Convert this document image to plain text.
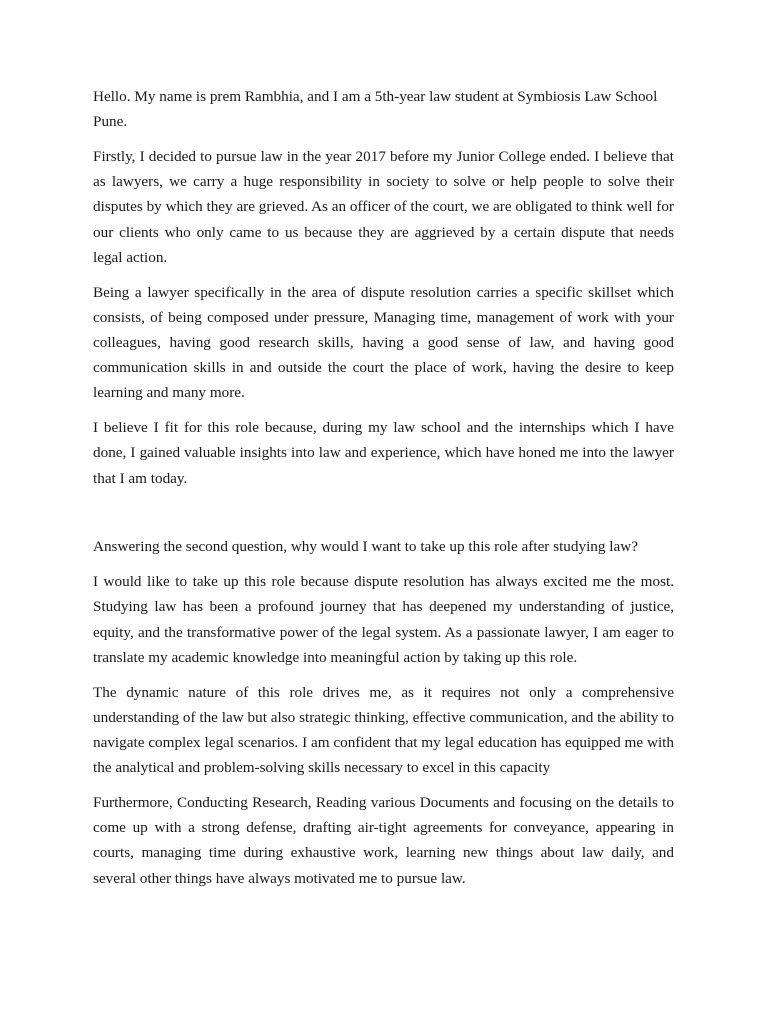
Hello. My name is prem Rambhia, and I am a 5th-year law student at Symbiosis Law School Pune.

Firstly, I decided to pursue law in the year 2017 before my Junior College ended. I believe that as lawyers, we carry a huge responsibility in society to solve or help people to solve their disputes by which they are grieved. As an officer of the court, we are obligated to think well for our clients who only came to us because they are aggrieved by a certain dispute that needs legal action.

Being a lawyer specifically in the area of dispute resolution carries a specific skillset which consists, of being composed under pressure, Managing time, management of work with your colleagues, having good research skills, having a good sense of law, and having good communication skills in and outside the court the place of work, having the desire to keep learning and many more.

I believe I fit for this role because, during my law school and the internships which I have done, I gained valuable insights into law and experience, which have honed me into the lawyer that I am today.

Answering the second question, why would I want to take up this role after studying law?

I would like to take up this role because dispute resolution has always excited me the most. Studying law has been a profound journey that has deepened my understanding of justice, equity, and the transformative power of the legal system. As a passionate lawyer, I am eager to translate my academic knowledge into meaningful action by taking up this role.

The dynamic nature of this role drives me, as it requires not only a comprehensive understanding of the law but also strategic thinking, effective communication, and the ability to navigate complex legal scenarios. I am confident that my legal education has equipped me with the analytical and problem-solving skills necessary to excel in this capacity

Furthermore, Conducting Research, Reading various Documents and focusing on the details to come up with a strong defense, drafting air-tight agreements for conveyance, appearing in courts, managing time during exhaustive work, learning new things about law daily, and several other things have always motivated me to pursue law.
